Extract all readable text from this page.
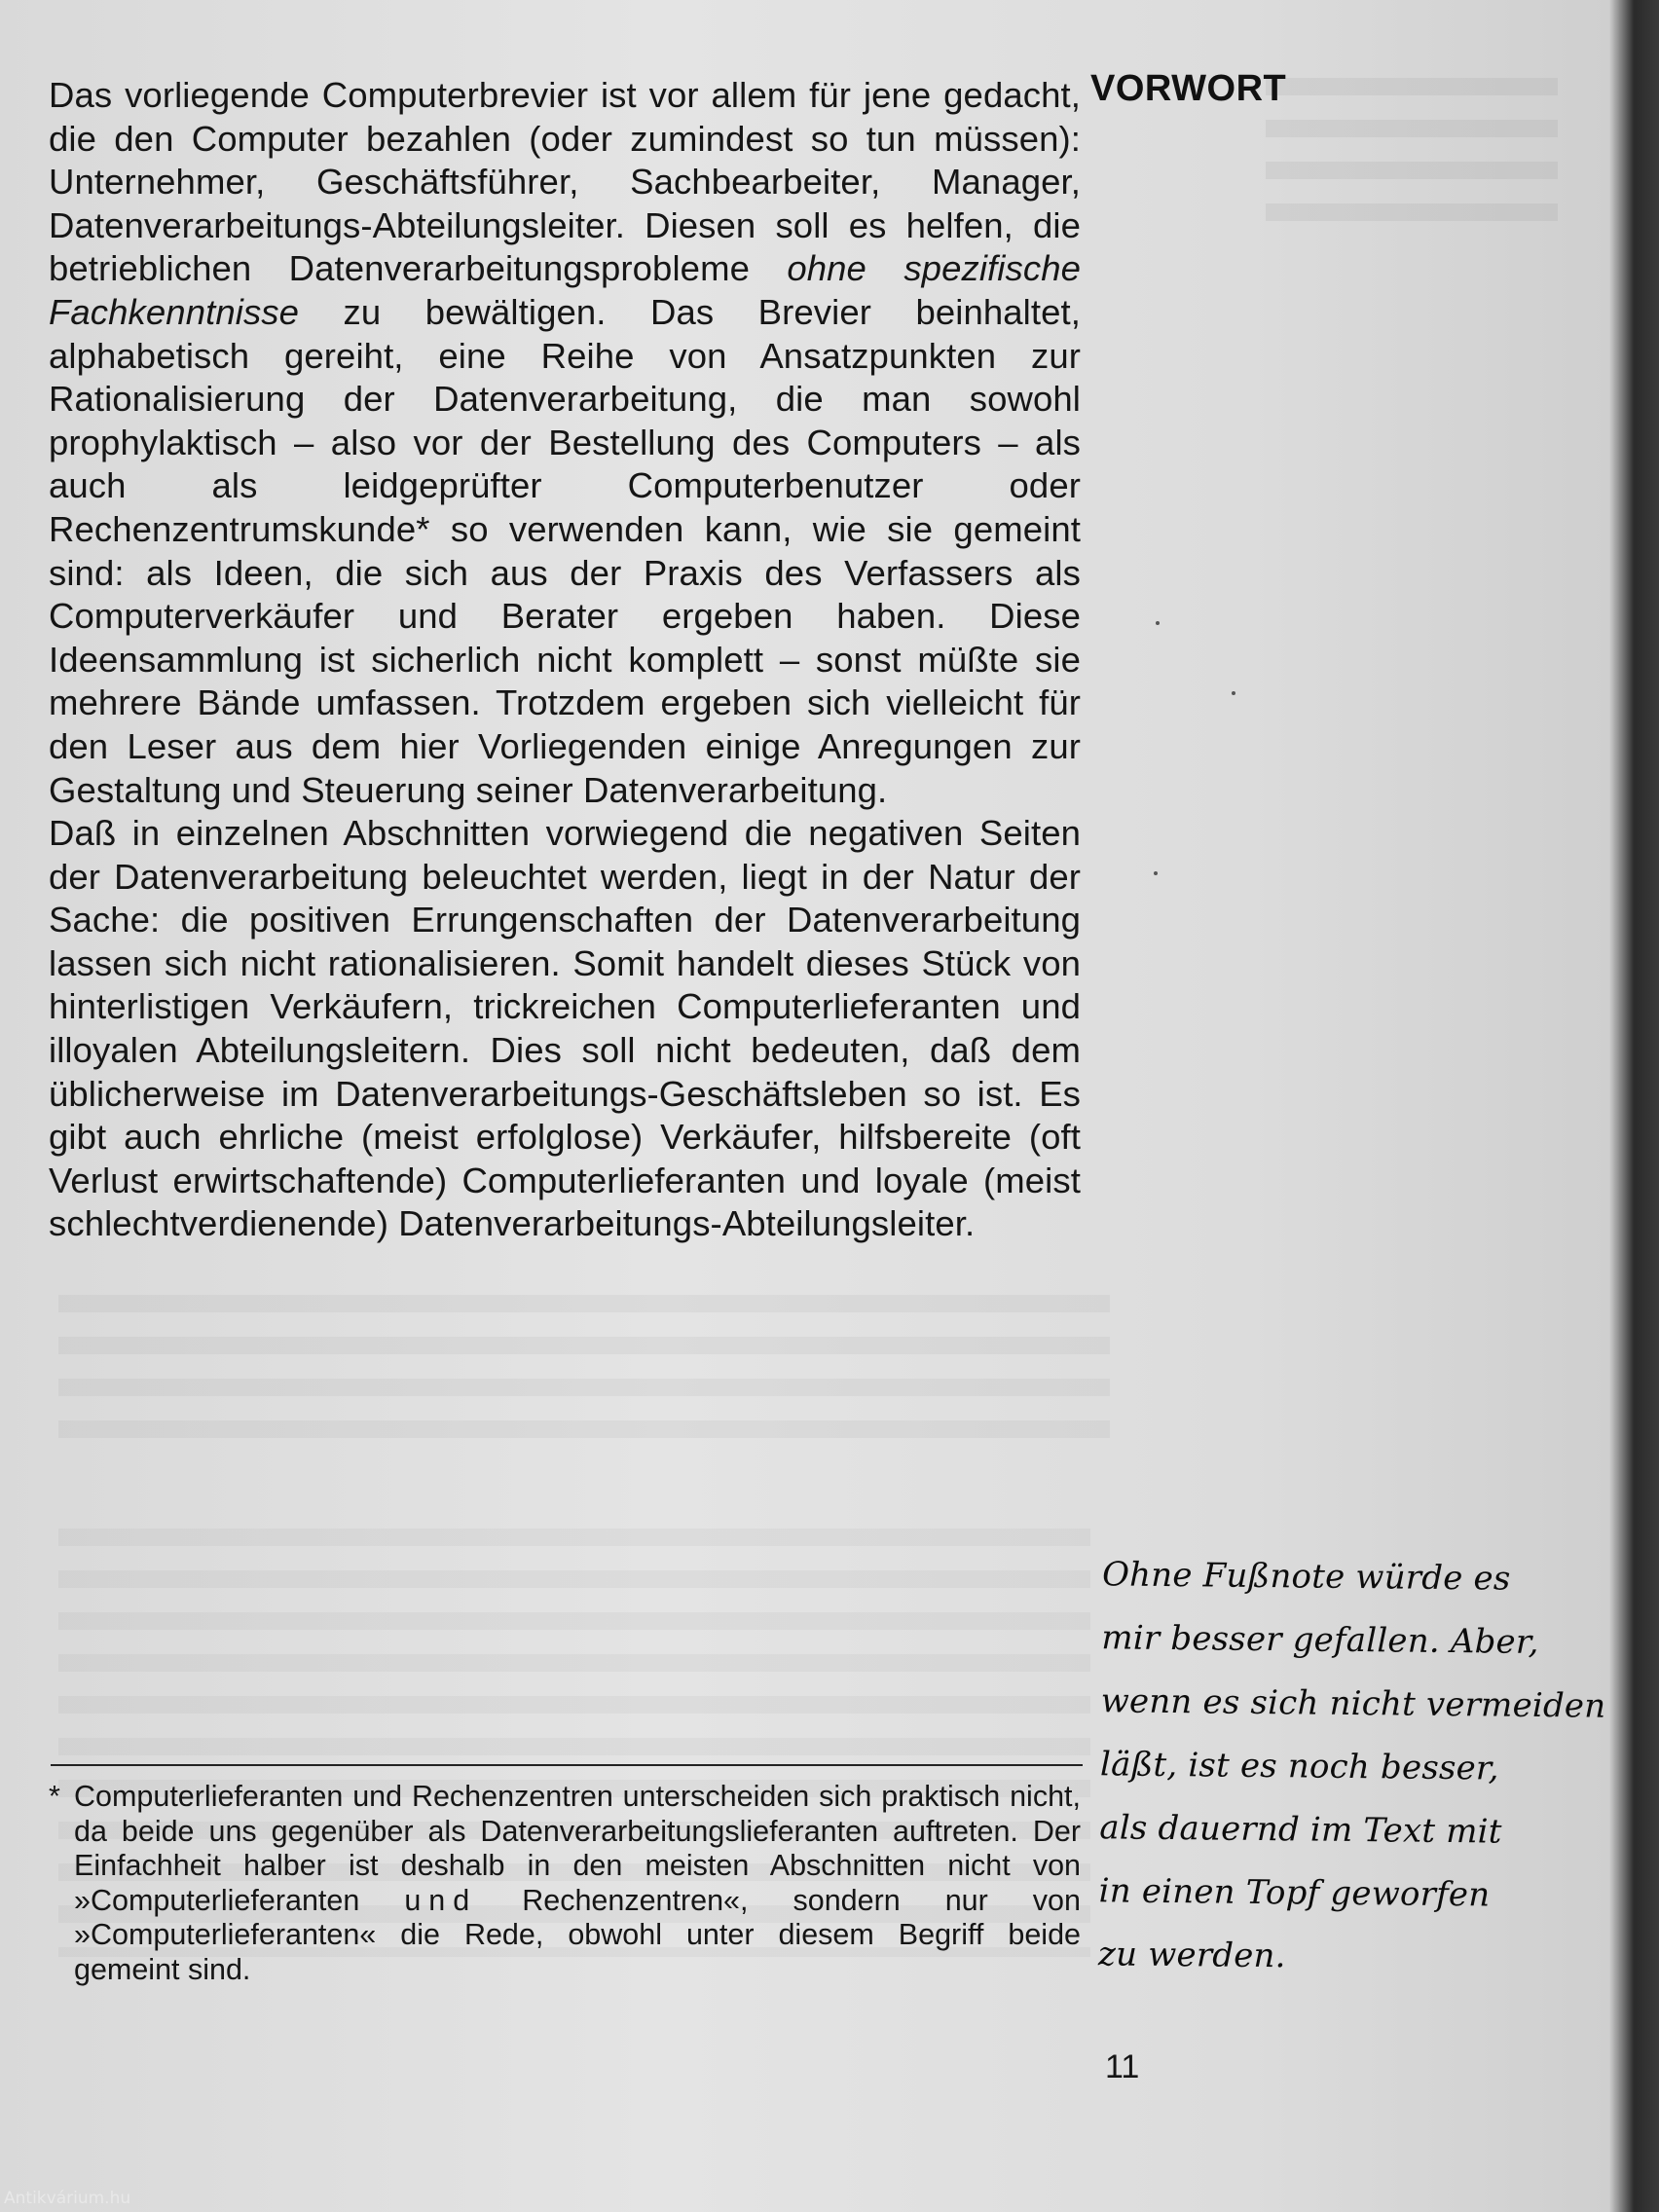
VORWORT

Das vorliegende Computerbrevier ist vor allem für jene gedacht, die den Computer bezahlen (oder zumindest so tun müssen): Unternehmer, Geschäftsführer, Sachbearbeiter, Manager, Datenverarbeitungs-Abteilungsleiter. Diesen soll es helfen, die betrieblichen Datenverarbeitungsprobleme ohne spezifische Fachkenntnisse zu bewältigen. Das Brevier beinhaltet, alphabetisch gereiht, eine Reihe von Ansatzpunkten zur Rationalisierung der Datenverarbeitung, die man sowohl prophylaktisch – also vor der Bestellung des Computers – als auch als leidgeprüfter Computerbenutzer oder Rechenzentrumskunde* so verwenden kann, wie sie gemeint sind: als Ideen, die sich aus der Praxis des Verfassers als Computerverkäufer und Berater ergeben haben. Diese Ideensammlung ist sicherlich nicht komplett – sonst müßte sie mehrere Bände umfassen. Trotzdem ergeben sich vielleicht für den Leser aus dem hier Vorliegenden einige Anregungen zur Gestaltung und Steuerung seiner Datenverarbeitung.

Daß in einzelnen Abschnitten vorwiegend die negativen Seiten der Datenverarbeitung beleuchtet werden, liegt in der Natur der Sache: die positiven Errungenschaften der Datenverarbeitung lassen sich nicht rationalisieren. Somit handelt dieses Stück von hinterlistigen Verkäufern, trickreichen Computerlieferanten und illoyalen Abteilungsleitern. Dies soll nicht bedeuten, daß dem üblicherweise im Datenverarbeitungs-Geschäftsleben so ist. Es gibt auch ehrliche (meist erfolglose) Verkäufer, hilfsbereite (oft Verlust erwirtschaftende) Computerlieferanten und loyale (meist schlechtverdienende) Datenverarbeitungs-Abteilungsleiter.

* Computerlieferanten und Rechenzentren unterscheiden sich praktisch nicht, da beide uns gegenüber als Datenverarbeitungslieferanten auftreten. Der Einfachheit halber ist deshalb in den meisten Abschnitten nicht von »Computerlieferanten und Rechenzentren«, sondern nur von »Computerlieferanten« die Rede, obwohl unter diesem Begriff beide gemeint sind.
Ohne Fußnote würde es
mir besser gefallen. Aber,
wenn es sich nicht vermeiden
läßt, ist es noch besser,
als dauernd im Text mit
in einen Topf geworfen
zu werden.
11
Antikvárium.hu
